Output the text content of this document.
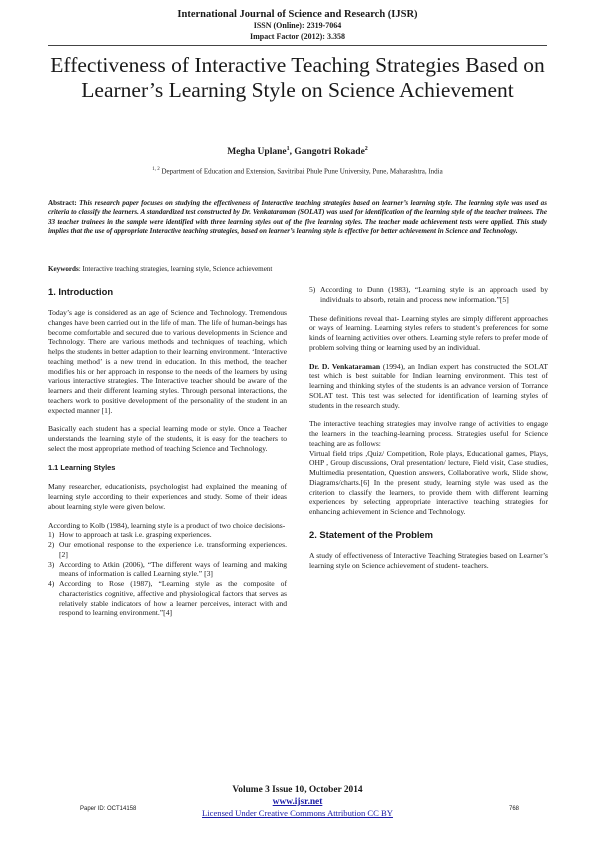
International Journal of Science and Research (IJSR)
ISSN (Online): 2319-7064
Impact Factor (2012): 3.358
Effectiveness of Interactive Teaching Strategies Based on Learner’s Learning Style on Science Achievement
Megha Uplane$^1$, Gangotri Rokade$^2$
$^{1, 2}$ Department of Education and Extension, Savitribai Phule Pune University, Pune, Maharashtra, India
Abstract: This research paper focuses on studying the effectiveness of Interactive teaching strategies based on learner’s learning style. The learning style was used as criteria to classify the learners. A standardized test constructed by Dr. Venkataraman (SOLAT) was used for identification of the learning style of the teacher trainees. The 33 teacher trainees in the sample were identified with three learning styles out of the five learning styles. The teacher made achievement tests were applied. This study implies that the use of appropriate Interactive teaching strategies, based on learner’s learning style is effective for better achievement in Science and Technology.
Keywords: Interactive teaching strategies, learning style, Science achievement
1. Introduction

Today’s age is considered as an age of Science and Technology. Tremendous changes have been carried out in the life of man. The life of human-beings has become comfortable and secured due to various developments in Science and Technology. There are various methods and techniques of teaching, which helps the students in better adaption to their learning environment. ‘Interactive teaching method’ is a new trend in education. In this method, the teacher modifies his or her approach in response to the needs of the learners by using various interactive strategies. The Interactive teacher should be aware of the learners and their different learning styles. Through personal interactions, the teachers work to positive development of the personality of the student in an expected manner [1].

Basically each student has a special learning mode or style. Once a Teacher understands the learning style of the students, it is easy for the teachers to select the most appropriate method of teaching Science and Technology.

1.1 Learning Styles

Many researcher, educationists, psychologist had explained the meaning of learning style according to their experiences and study. Some of their ideas about learning style were given below.

According to Kolb (1984), learning style is a product of two choice decisions-

1) How to approach at task i.e. grasping experiences.
2) Our emotional response to the experience i.e. transforming experiences. [2]
3) According to Atkin (2006), “The different ways of learning and making means of information is called Learning style.” [3]
4) According to Rose (1987), “Learning style as the composite of characteristics cognitive, affective and physiological factors that serves as relatively stable indicators of how a learner perceives, interact with and respond to learning environment.”[4]
5) According to Dunn (1983), “Learning style is an approach used by individuals to absorb, retain and process new information.”[5]

These definitions reveal that- Learning styles are simply different approaches or ways of learning. Learning styles refers to student’s preferences for some kinds of learning activities over others. Learning style refers to prefer mode of problem solving thing or learning used by an individual.

Dr. D. Venkataraman (1994), an Indian expert has constructed the SOLAT test which is best suitable for Indian learning environment. This test of learning and thinking styles of the students is an advance version of Torrance SOLAT test. This test was selected for identification of learning styles of students in the research study.

The interactive teaching strategies may involve range of activities to engage the learners in the teaching-learning process. Strategies useful for Science teaching are as follows:

Virtual field trips ,Quiz/ Competition, Role plays, Educational games, Plays, OHP , Group discussions, Oral presentation/ lecture, Field visit, Case studies, Multimedia presentation, Question answers, Collaborative work, Slide show, Diagrams/charts.[6] In the present study, learning style was used as the criterion to classify the learners, to provide them with different learning experiences by selecting appropriate interactive teaching strategies for enhancing achievement in Science and Technology.

2. Statement of the Problem

A study of effectiveness of Interactive Teaching Strategies based on Learner’s learning style on Science achievement of student- teachers.

Volume 3 Issue 10, October 2014
www.ijsr.net
Licensed Under Creative Commons Attribution CC BY
Paper ID: OCT14158	768
